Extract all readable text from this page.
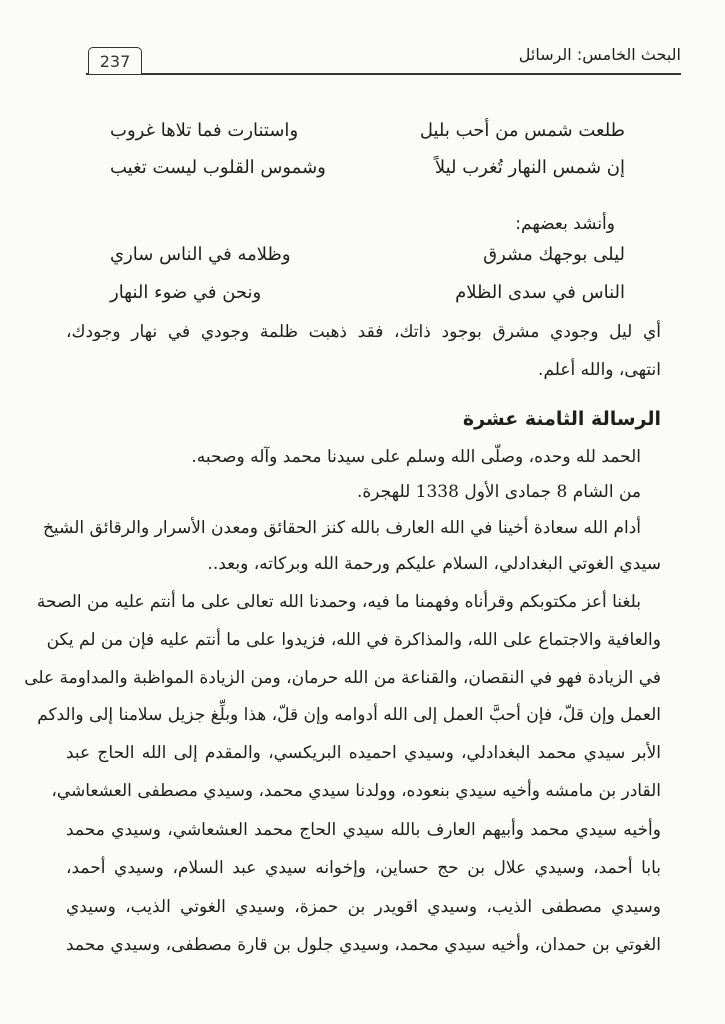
البحث الخامس: الرسائل
237
طلعت شمس من أحب بليل
واستنارت فما تلاها غروب
إن شمس النهار تُغرب ليلاً
وشموس القلوب ليست تغيب
وأنشد بعضهم:
ليلى بوجهك مشرق
وظلامه في الناس ساري
الناس في سدى الظلام
ونحن في ضوء النهار
أي ليل وجودي مشرق بوجود ذاتك، فقد ذهبت ظلمة وجودي في نهار وجودك،
انتهى، والله أعلم.
الرسالة الثامنة عشرة
الحمد لله وحده، وصلّى الله وسلم على سيدنا محمد وآله وصحبه.
من الشام 8 جمادى الأول 1338 للهجرة.
أدام الله سعادة أخينا في الله العارف بالله كنز الحقائق ومعدن الأسرار والرقائق الشيخ
سيدي الغوتي البغدادلي، السلام عليكم ورحمة الله وبركاته، وبعد..
بلغنا أعز مكتوبكم وقرأناه وفهمنا ما فيه، وحمدنا الله تعالى على ما أنتم عليه من الصحة
والعافية والاجتماع على الله، والمذاكرة في الله، فزيدوا على ما أنتم عليه فإن من لم يكن
في الزيادة فهو في النقصان، والقناعة من الله حرمان، ومن الزيادة المواظبة والمداومة على
العمل وإن قلّ، فإن أحبَّ العمل إلى الله أدوامه وإن قلّ، هذا وبلِّغ جزيل سلامنا إلى والدكم
الأبر سيدي محمد البغدادلي، وسيدي احميده البريكسي، والمقدم إلى الله الحاج عبد
القادر بن مامشه وأخيه سيدي بنعوده، وولدنا سيدي محمد، وسيدي مصطفى العشعاشي،
وأخيه سيدي محمد وأبيهم العارف بالله سيدي الحاج محمد العشعاشي، وسيدي محمد
بابا أحمد، وسيدي علال بن حج حساين، وإخوانه سيدي عبد السلام، وسيدي أحمد،
وسيدي مصطفى الذيب، وسيدي اقويدر بن حمزة، وسيدي الغوتي الذيب، وسيدي
الغوتي بن حمدان، وأخيه سيدي محمد، وسيدي جلول بن قارة مصطفى، وسيدي محمد
